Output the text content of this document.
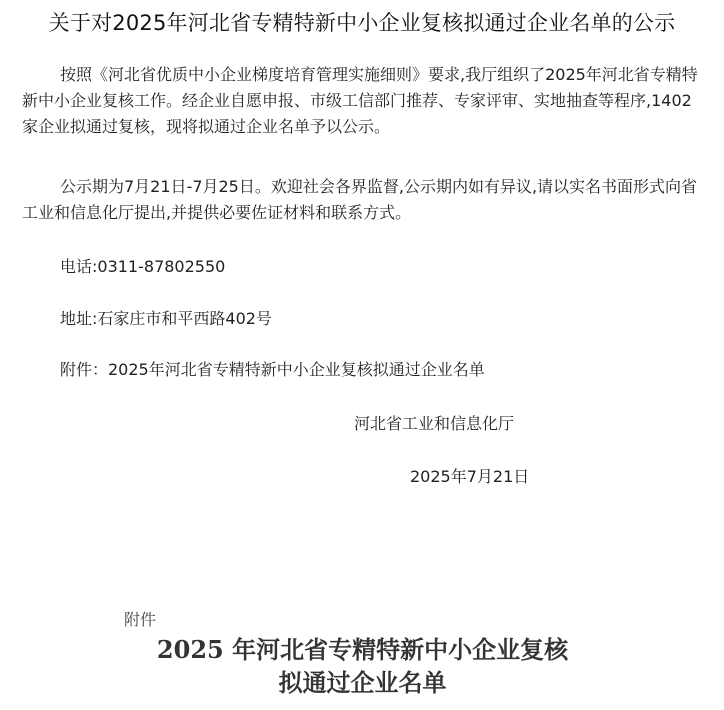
关于对2025年河北省专精特新中小企业复核拟通过企业名单的公示

按照《河北省优质中小企业梯度培育管理实施细则》要求,我厅组织了2025年河北省专精特新中小企业复核工作。经企业自愿申报、市级工信部门推荐、专家评审、实地抽查等程序,1402家企业拟通过复核，现将拟通过企业名单予以公示。

公示期为7月21日-7月25日。欢迎社会各界监督,公示期内如有异议,请以实名书面形式向省工业和信息化厅提出,并提供必要佐证材料和联系方式。

电话:0311-87802550
地址:石家庄市和平西路402号
附件：2025年河北省专精特新中小企业复核拟通过企业名单
河北省工业和信息化厅
2025年7月21日
附件
2025 年河北省专精特新中小企业复核
拟通过企业名单
